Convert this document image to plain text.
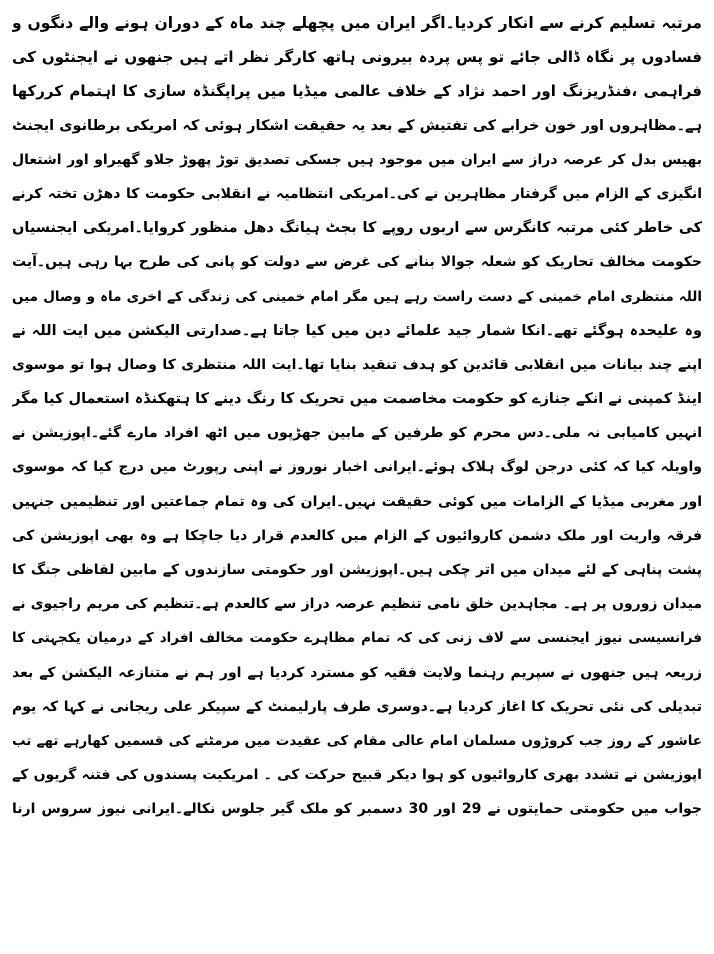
مرتبہ تسلیم کرنے سے انکار کردیا۔اگر ایران میں پچھلے چند ماہ کے دوران ہونے والے دنگوں و
فسادوں پر نگاہ ڈالی جائے تو پس پردہ بیرونی ہاتھ کارگر نظر اتے ہیں جنھوں نے ایجنٹوں کی
فراہمی ،فنڈریزنگ اور احمد نژاد کے خلاف عالمی میڈیا میں پراپگنڈہ سازی کا اہتمام کررکھا
ہے۔مظاہروں اور خون خرابے کی تفتیش کے بعد یہ حقیقت اشکار ہوئی کہ امریکی برطانوی ایجنٹ
بھیس بدل کر عرصہ دراز سے ایران میں موجود ہیں جسکی تصدیق توڑ پھوڑ جلاو گھیراو اور اشتعال
انگیزی کے الزام میں گرفتار مظاہرین نے کی۔امریکی انتظامیہ نے انقلابی حکومت کا دھڑن تختہ کرنے
کی خاطر کئی مرتبہ کانگرس سے اربوں روپے کا بجٹ ہیانگ دھل منظور کروایا۔امریکی ایجنسیاں
حکومت مخالف تحاریک کو شعلہ جوالا بنانے کی غرض سے دولت کو پانی کی طرح بہا رہی ہیں۔آیت
اللہ منتظری امام خمینی کے دست راست رہے ہیں مگر امام خمینی کی زندگی کے اخری ماہ و وصال میں
وہ علیحدہ ہوگئے تھے۔انکا شمار جید علمائے دین میں کیا جاتا ہے۔صدارتی الیکشن میں ایت اللہ نے
اپنے چند بیانات میں انقلابی قائدین کو ہدف تنقید بنایا تھا۔ایت اللہ منتظری کا وصال ہوا تو موسوی
اینڈ کمپنی نے انکے جنازے کو حکومت مخاصمت میں تحریک کا رنگ دینے کا ہتھکنڈہ استعمال کیا مگر
انہیں کامیابی نہ ملی۔دس محرم کو طرفین کے مابین جھڑپوں میں اٹھ افراد مارے گئے۔اپوزیشن نے
واویلہ کیا کہ کئی درجن لوگ ہلاک ہوئے۔ایرانی اخبار نوروز نے اپنی رپورٹ میں درج کیا کہ موسوی
اور مغربی میڈیا کے الزامات میں کوئی حقیقت نہیں۔ایران کی وہ تمام جماعتیں اور تنظیمیں جنہیں
فرقہ واریت اور ملک دشمن کاروائیوں کے الزام میں کالعدم قرار دیا جاچکا ہے وہ بھی اپوزیشن کی
پشت پناہی کے لئے میدان میں اتر چکی ہیں۔اپوزیشن اور حکومتی سازندوں کے مابین لفاظی جنگ کا
میدان زوروں پر ہے۔ مجاہدین خلق نامی تنظیم عرصہ دراز سے کالعدم ہے۔تنظیم کی مریم راجیوی نے
فرانسیسی نیوز ایجنسی سے لاف زنی کی کہ تمام مظاہرے حکومت مخالف افراد کے درمیان یکجہتی کا
زریعہ ہیں جنھوں نے سپریم رہنما ولایت فقیہ کو مسترد کردیا ہے اور ہم نے متنازعہ الیکشن کے بعد
تبدیلی کی نئی تحریک کا اغاز کردیا ہے۔دوسری طرف پارلیمنٹ کے سپیکر علی ریجانی نے کہا کہ یوم
عاشور کے روز جب کروڑوں مسلمان امام عالی مقام کی عقیدت میں مرمٹنے کی قسمیں کھارہے تھے تب
اپوزیشن نے تشدد بھری کاروائیوں کو ہوا دیکر قبیح حرکت کی ۔ امریکیت پسندوں کی فتنہ گریوں کے
جواب میں حکومتی حمایتوں نے 29 اور 30 دسمبر کو ملک گیر جلوس نکالے۔ایرانی نیوز سروس ارنا
